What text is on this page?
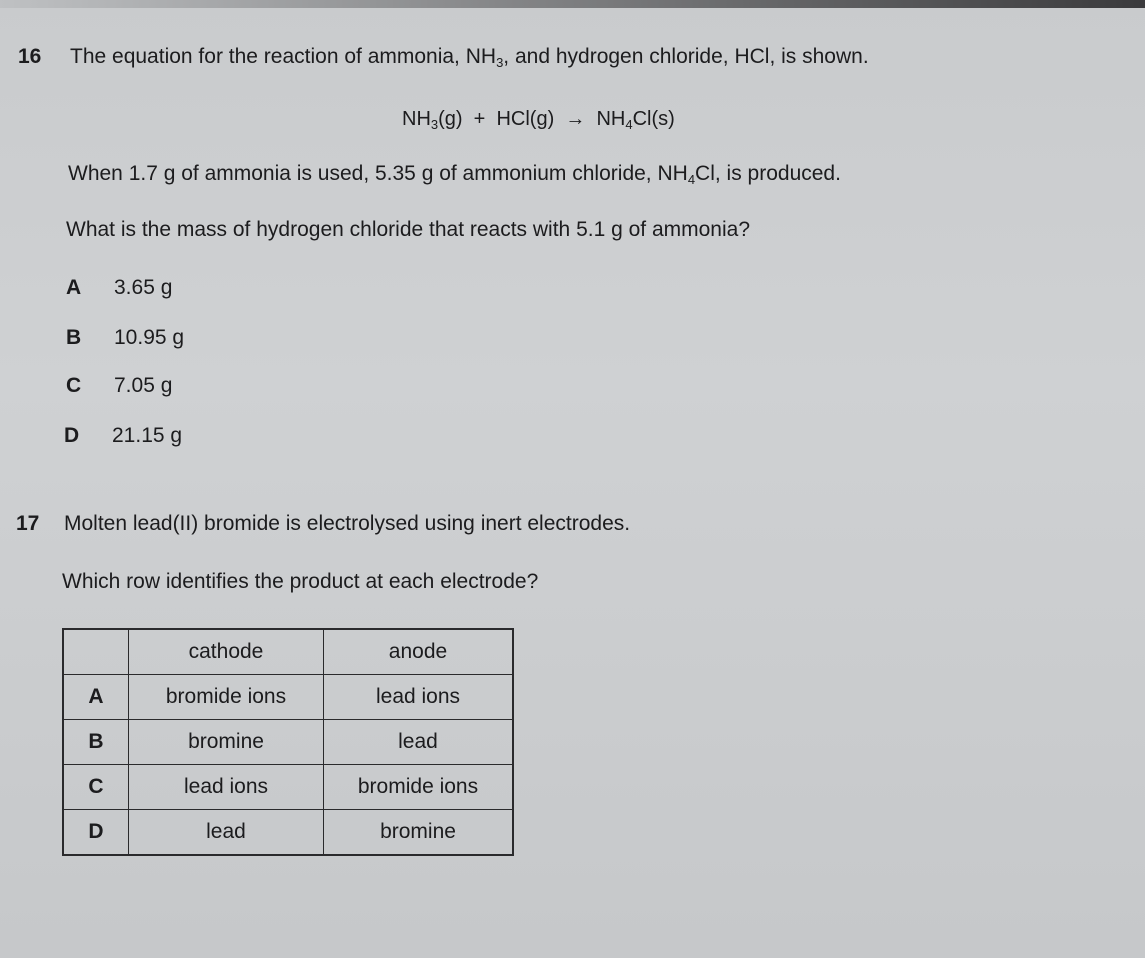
16 The equation for the reaction of ammonia, $NH_3$, and hydrogen chloride, HCl, is shown.
$NH_3(g) + HCl(g) \to NH_4Cl(s)$
When 1.7 g of ammonia is used, 5.35 g of ammonium chloride, $NH_4Cl$, is produced.
What is the mass of hydrogen chloride that reacts with 5.1 g of ammonia?
A 3.65 g
B 10.95 g
C 7.05 g
D 21.15 g
17 Molten lead(II) bromide is electrolysed using inert electrodes.
Which row identifies the product at each electrode?
	cathode	anode
A	bromide ions	lead ions
B	bromine	lead
C	lead ions	bromide ions
D	lead	bromine
